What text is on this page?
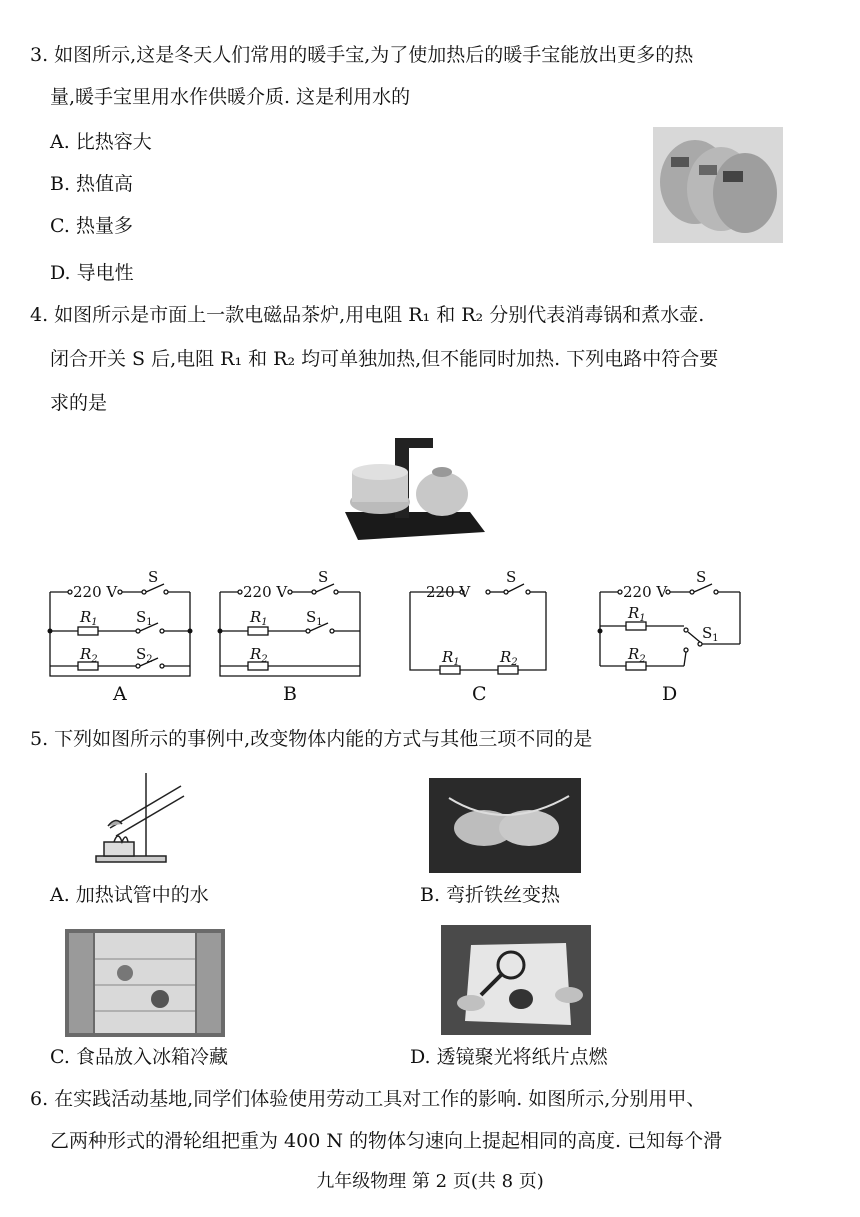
3. 如图所示,这是冬天人们常用的暖手宝,为了使加热后的暖手宝能放出更多的热
量,暖手宝里用水作供暖介质. 这是利用水的
A. 比热容大
B. 热值高
C. 热量多
D. 导电性
4. 如图所示是市面上一款电磁品茶炉,用电阻 R₁ 和 R₂ 分别代表消毒锅和煮水壶.
闭合开关 S 后,电阻 R₁ 和 R₂ 均可单独加热,但不能同时加热. 下列电路中符合要
求的是
220 V
S
$R_1$	$S_1$
$R_2$	$S_2$
220 V
S
$R_1$	$S_1$
$R_2$
220 V
S
$R_1$	$R_2$
220 V
S
$R_1$
$S_1$
$R_2$
A	B	C	D
5. 下列如图所示的事例中,改变物体内能的方式与其他三项不同的是
A. 加热试管中的水	B. 弯折铁丝变热
C. 食品放入冰箱冷藏	D. 透镜聚光将纸片点燃
6. 在实践活动基地,同学们体验使用劳动工具对工作的影响. 如图所示,分别用甲、
乙两种形式的滑轮组把重为 400 N 的物体匀速向上提起相同的高度. 已知每个滑
九年级物理 第 2 页(共 8 页)
